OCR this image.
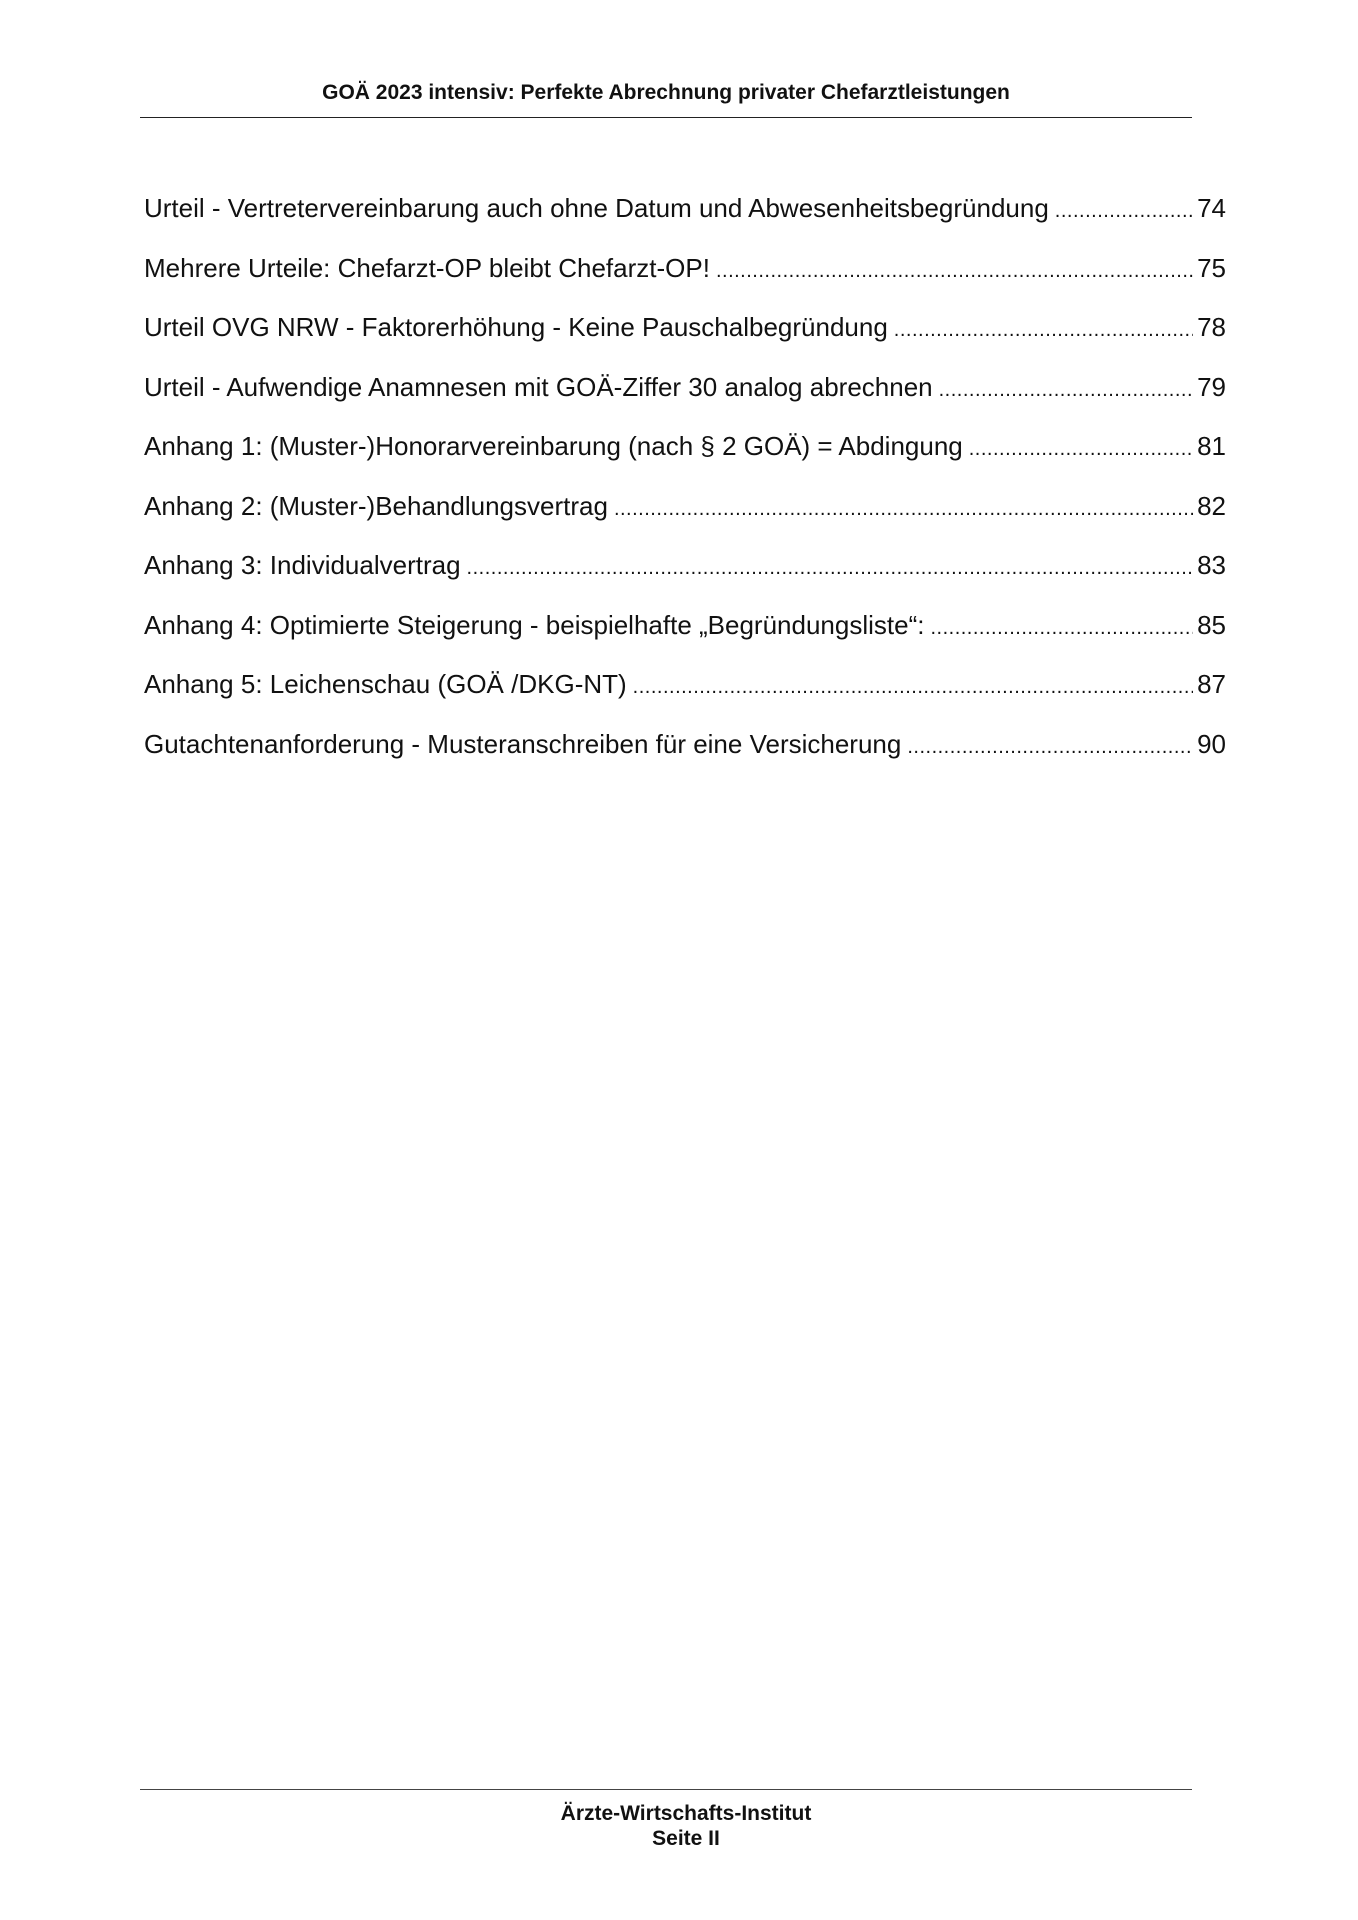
GOÄ 2023 intensiv: Perfekte Abrechnung privater Chefarztleistungen
Urteil - Vertretervereinbarung auch ohne Datum und Abwesenheitsbegründung .....	74
Mehrere Urteile: Chefarzt-OP bleibt Chefarzt-OP! .....	75
Urteil OVG NRW - Faktorerhöhung - Keine Pauschalbegründung .....	78
Urteil - Aufwendige Anamnesen mit GOÄ-Ziffer 30 analog abrechnen .....	79
Anhang 1: (Muster-)Honorarvereinbarung (nach § 2 GOÄ) = Abdingung .....	81
Anhang 2: (Muster-)Behandlungsvertrag .....	82
Anhang 3: Individualvertrag .....	83
Anhang 4: Optimierte Steigerung - beispielhafte „Begründungsliste“: .....	85
Anhang 5: Leichenschau (GOÄ /DKG-NT) .....	87
Gutachtenanforderung - Musteranschreiben für eine Versicherung .....	90
Ärzte-Wirtschafts-Institut
Seite II
